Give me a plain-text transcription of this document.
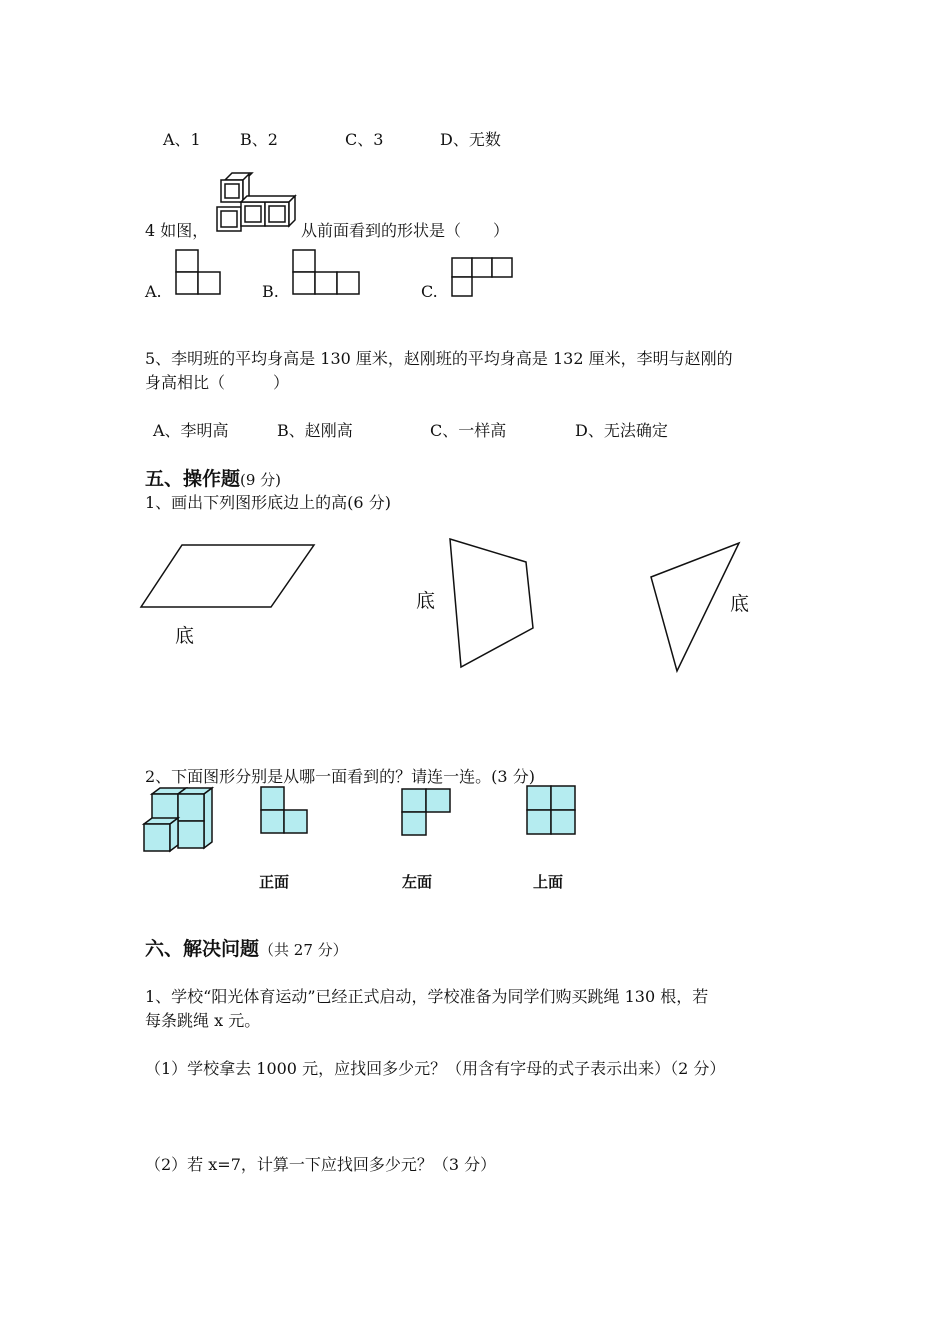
A、1 B、2	C、3	D、无数
4 如图，	从前面看到的形状是（　　）
A.	B.	C.
5、李明班的平均身高是 130 厘米，赵刚班的平均身高是 132 厘米，李明与赵刚的
身高相比（　　　）
A、李明高	B、赵刚高	C、一样高	D、无法确定
五、操作题(9 分)
1、画出下列图形底边上的高(6 分)
底
底	底
2、下面图形分别是从哪一面看到的？请连一连。(3 分)
正面	左面	上面
六、解决问题（共 27 分）
1、学校“阳光体育运动”已经正式启动，学校准备为同学们购买跳绳 130 根，若
每条跳绳 x 元。
（1）学校拿去 1000 元，应找回多少元？（用含有字母的式子表示出来）（2 分）
（2）若 x=7，计算一下应找回多少元？（3 分）
